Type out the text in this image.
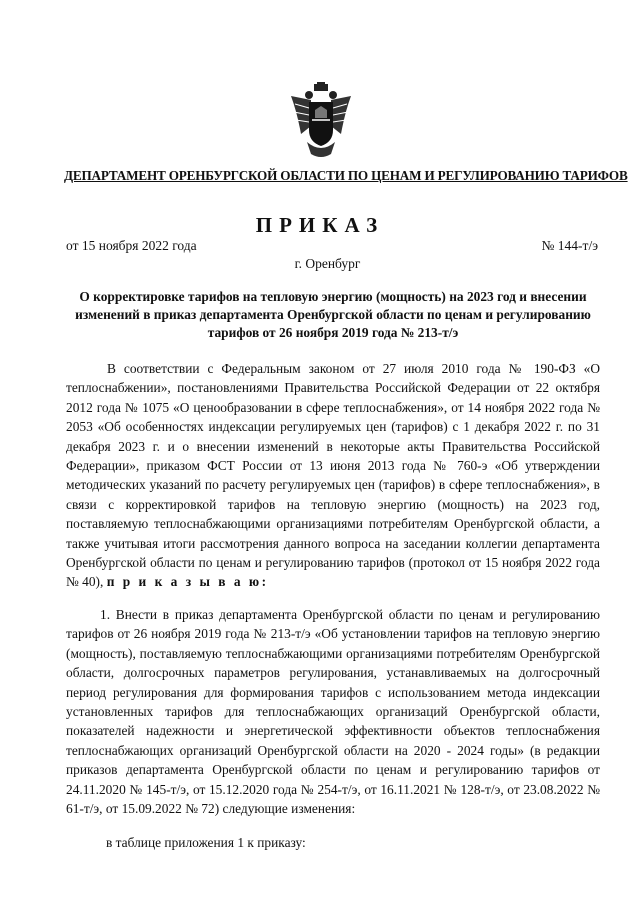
ДЕПАРТАМЕНТ ОРЕНБУРГСКОЙ ОБЛАСТИ ПО ЦЕНАМ И РЕГУЛИРОВАНИЮ ТАРИФОВ
ПРИКАЗ
от 15 ноября 2022 года	№ 144-т/э
г. Оренбург
О корректировке тарифов на тепловую энергию (мощность) на 2023 год и внесении изменений в приказ департамента Оренбургской области по ценам и регулированию тарифов от 26 ноября 2019 года № 213-т/э
В соответствии с Федеральным законом от 27 июля 2010 года № 190-ФЗ «О теплоснабжении», постановлениями Правительства Российской Федерации от 22 октября 2012 года № 1075 «О ценообразовании в сфере теплоснабжения», от 14 ноября 2022 года № 2053 «Об особенностях индексации регулируемых цен (тарифов) с 1 декабря 2022 г. по 31 декабря 2023 г. и о внесении изменений в некоторые акты Правительства Российской Федерации», приказом ФСТ России от 13 июня 2013 года № 760-э «Об утверждении методических указаний по расчету регулируемых цен (тарифов) в сфере теплоснабжения», в связи с корректировкой тарифов на тепловую энергию (мощность) на 2023 год, поставляемую теплоснабжающими организациями потребителям Оренбургской области, а также учитывая итоги рассмотрения данного вопроса на заседании коллегии департамента Оренбургской области по ценам и регулированию тарифов (протокол от 15 ноября 2022 года № 40), п р и к а з ы в а ю:
1. Внести в приказ департамента Оренбургской области по ценам и регулированию тарифов от 26 ноября 2019 года № 213-т/э «Об установлении тарифов на тепловую энергию (мощность), поставляемую теплоснабжающими организациями потребителям Оренбургской области, долгосрочных параметров регулирования, устанавливаемых на долгосрочный период регулирования для формирования тарифов с использованием метода индексации установленных тарифов для теплоснабжающих организаций Оренбургской области, показателей надежности и энергетической эффективности объектов теплоснабжения теплоснабжающих организаций Оренбургской области на 2020 - 2024 годы» (в редакции приказов департамента Оренбургской области по ценам и регулированию тарифов от 24.11.2020 № 145-т/э, от 15.12.2020 года № 254-т/э, от 16.11.2021 № 128-т/э, от 23.08.2022 № 61-т/э, от 15.09.2022 № 72) следующие изменения:
в таблице приложения 1 к приказу:
